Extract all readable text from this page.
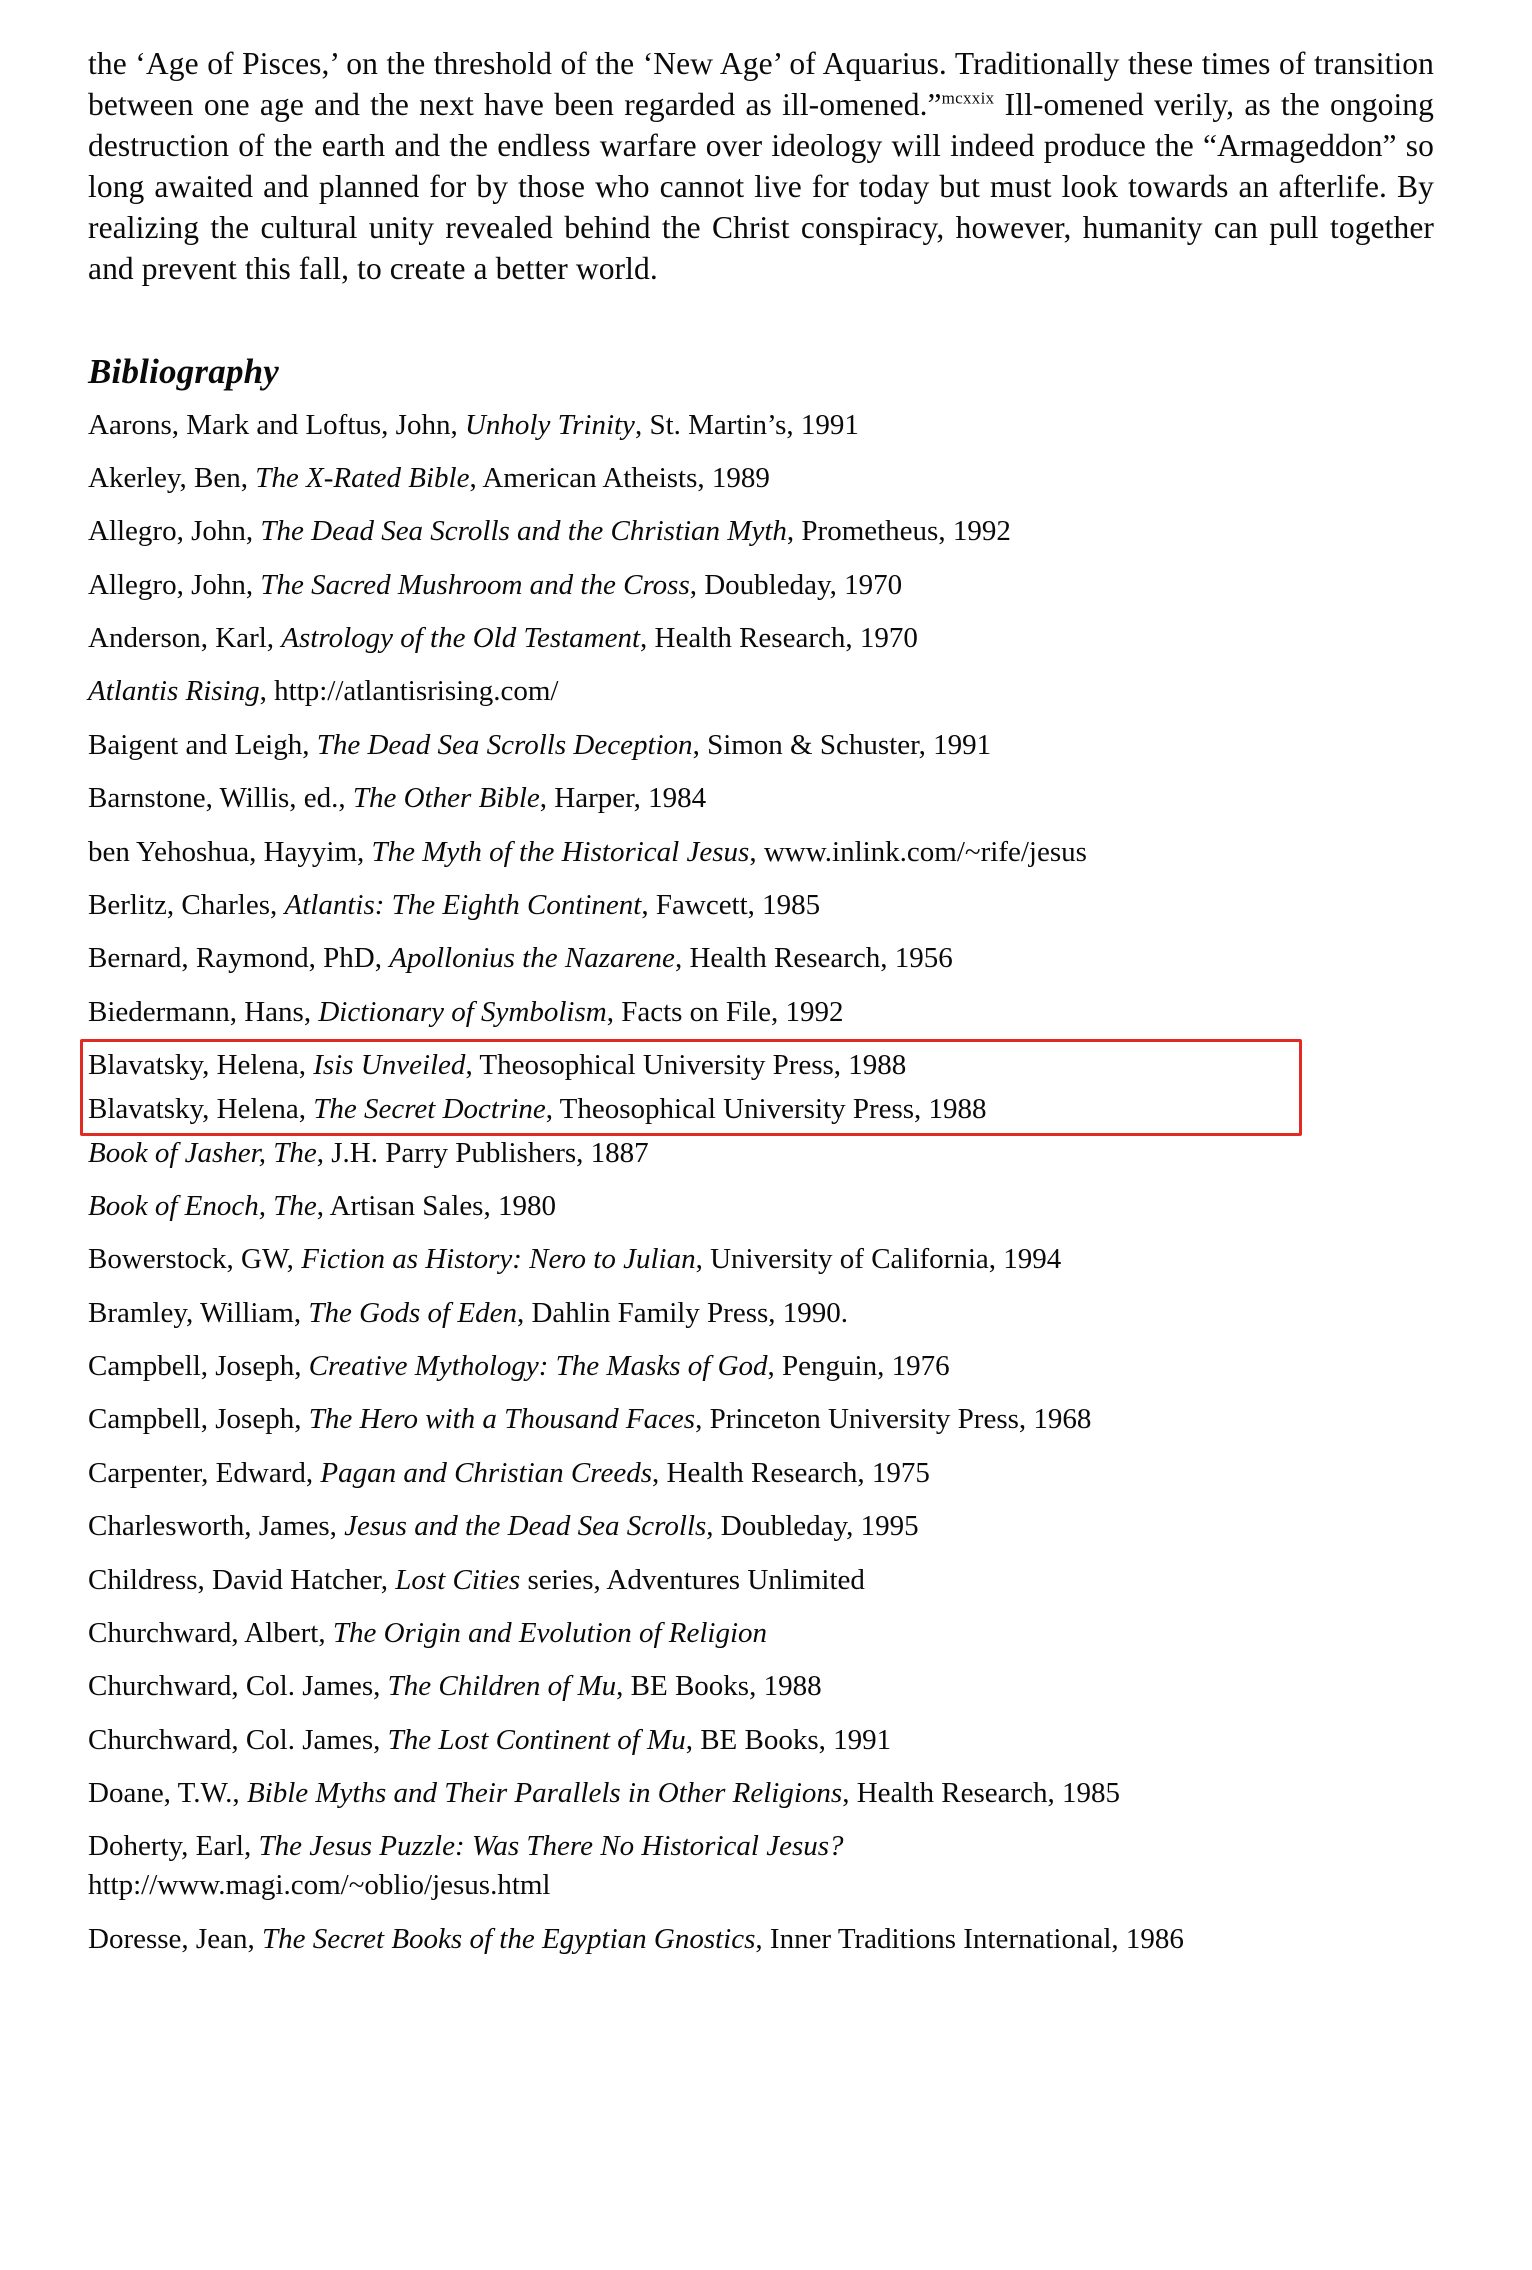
the ‘Age of Pisces,’ on the threshold of the ‘New Age’ of Aquarius. Traditionally these times of transition between one age and the next have been regarded as ill-omened.”$^{mcxxix}$ Ill-omened verily, as the ongoing destruction of the earth and the endless warfare over ideology will indeed produce the “Armageddon” so long awaited and planned for by those who cannot live for today but must look towards an afterlife. By realizing the cultural unity revealed behind the Christ conspiracy, however, humanity can pull together and prevent this fall, to create a better world.

Bibliography

Aarons, Mark and Loftus, John, Unholy Trinity, St. Martin’s, 1991

Akerley, Ben, The X-Rated Bible, American Atheists, 1989

Allegro, John, The Dead Sea Scrolls and the Christian Myth, Prometheus, 1992

Allegro, John, The Sacred Mushroom and the Cross, Doubleday, 1970

Anderson, Karl, Astrology of the Old Testament, Health Research, 1970

Atlantis Rising, http://atlantisrising.com/

Baigent and Leigh, The Dead Sea Scrolls Deception, Simon & Schuster, 1991

Barnstone, Willis, ed., The Other Bible, Harper, 1984

ben Yehoshua, Hayyim, The Myth of the Historical Jesus, www.inlink.com/~rife/jesus

Berlitz, Charles, Atlantis: The Eighth Continent, Fawcett, 1985

Bernard, Raymond, PhD, Apollonius the Nazarene, Health Research, 1956

Biedermann, Hans, Dictionary of Symbolism, Facts on File, 1992

Blavatsky, Helena, Isis Unveiled, Theosophical University Press, 1988

Blavatsky, Helena, The Secret Doctrine, Theosophical University Press, 1988

Book of Jasher, The, J.H. Parry Publishers, 1887

Book of Enoch, The, Artisan Sales, 1980

Bowerstock, GW, Fiction as History: Nero to Julian, University of California, 1994

Bramley, William, The Gods of Eden, Dahlin Family Press, 1990.

Campbell, Joseph, Creative Mythology: The Masks of God, Penguin, 1976

Campbell, Joseph, The Hero with a Thousand Faces, Princeton University Press, 1968

Carpenter, Edward, Pagan and Christian Creeds, Health Research, 1975

Charlesworth, James, Jesus and the Dead Sea Scrolls, Doubleday, 1995

Childress, David Hatcher, Lost Cities series, Adventures Unlimited

Churchward, Albert, The Origin and Evolution of Religion

Churchward, Col. James, The Children of Mu, BE Books, 1988

Churchward, Col. James, The Lost Continent of Mu, BE Books, 1991

Doane, T.W., Bible Myths and Their Parallels in Other Religions, Health Research, 1985

Doherty, Earl, The Jesus Puzzle: Was There No Historical Jesus?
http://www.magi.com/~oblio/jesus.html

Doresse, Jean, The Secret Books of the Egyptian Gnostics, Inner Traditions International, 1986
